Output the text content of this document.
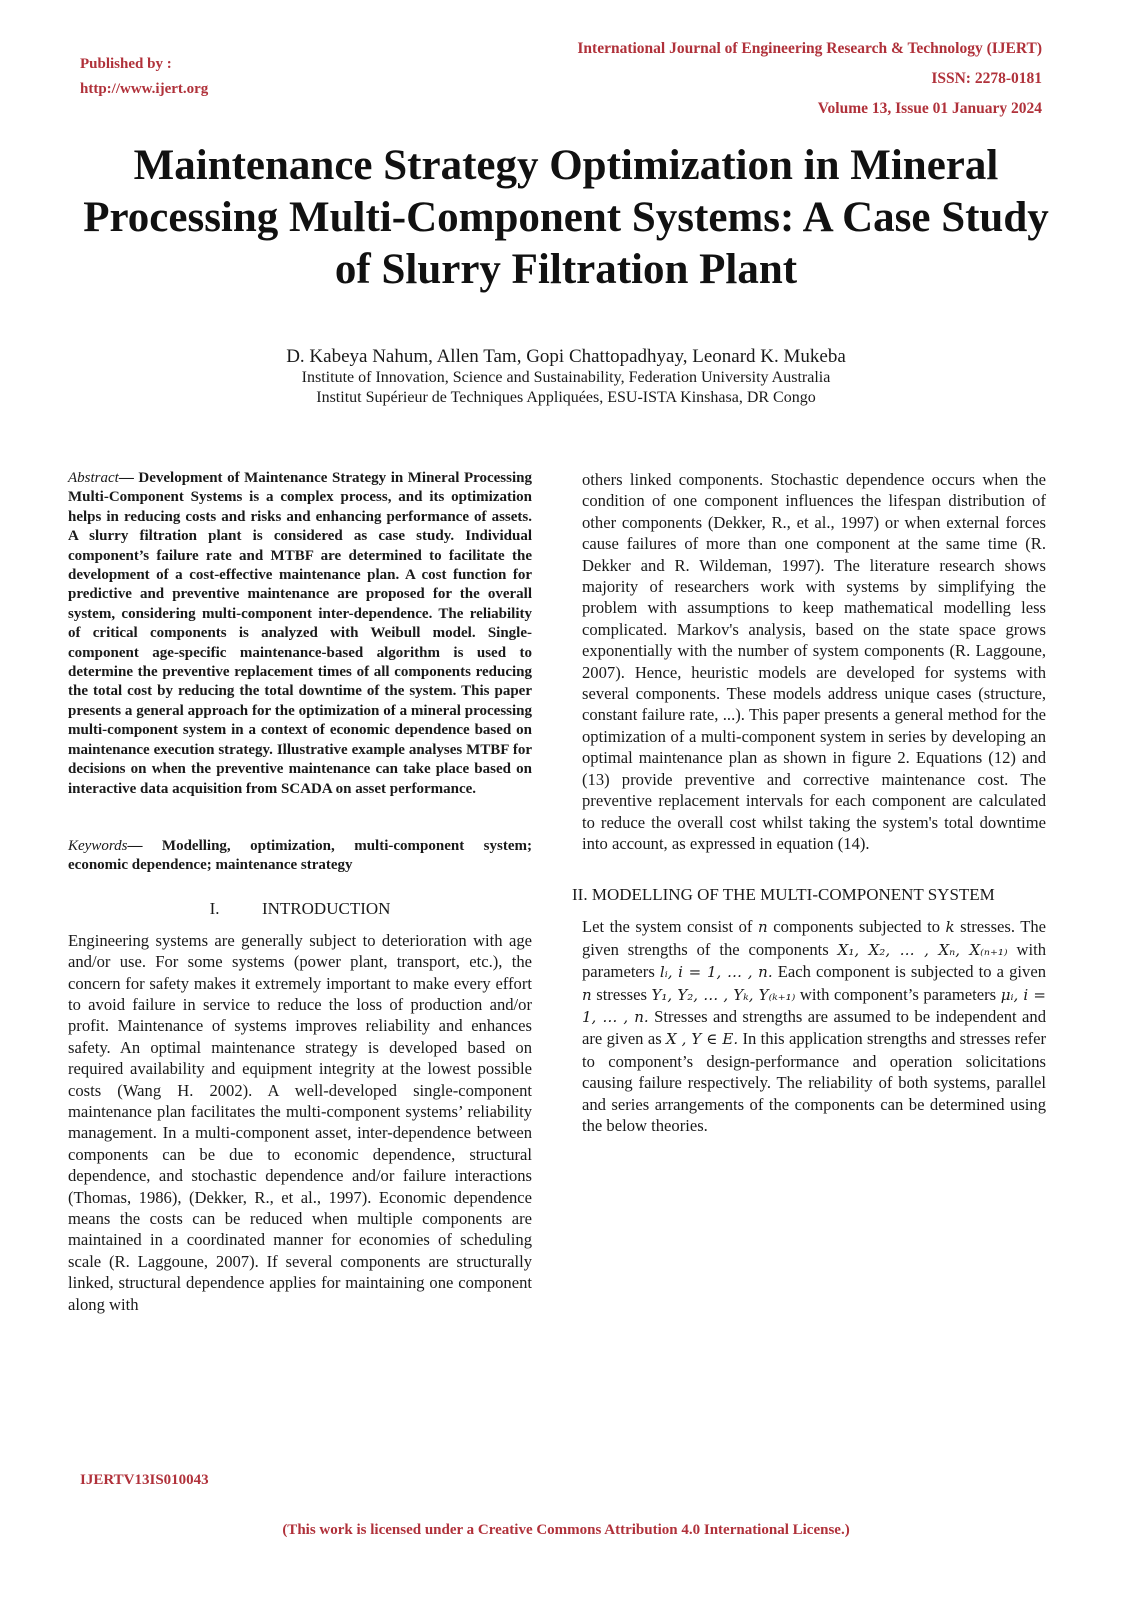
Published by :
http://www.ijert.org
International Journal of Engineering Research & Technology (IJERT)
ISSN: 2278-0181
Volume 13, Issue 01 January 2024
Maintenance Strategy Optimization in Mineral Processing Multi-Component Systems: A Case Study of Slurry Filtration Plant
D. Kabeya Nahum, Allen Tam, Gopi Chattopadhyay, Leonard K. Mukeba
Institute of Innovation, Science and Sustainability, Federation University Australia
Institut Supérieur de Techniques Appliquées, ESU-ISTA Kinshasa, DR Congo

Abstract— Development of Maintenance Strategy in Mineral Processing Multi-Component Systems is a complex process, and its optimization helps in reducing costs and risks and enhancing performance of assets. A slurry filtration plant is considered as case study. Individual component’s failure rate and MTBF are determined to facilitate the development of a cost-effective maintenance plan. A cost function for predictive and preventive maintenance are proposed for the overall system, considering multi-component inter-dependence. The reliability of critical components is analyzed with Weibull model. Single-component age-specific maintenance-based algorithm is used to determine the preventive replacement times of all components reducing the total cost by reducing the total downtime of the system. This paper presents a general approach for the optimization of a mineral processing multi-component system in a context of economic dependence based on maintenance execution strategy. Illustrative example analyses MTBF for decisions on when the preventive maintenance can take place based on interactive data acquisition from SCADA on asset performance.

Keywords— Modelling, optimization, multi-component system; economic dependence; maintenance strategy

I.	INTRODUCTION

Engineering systems are generally subject to deterioration with age and/or use. For some systems (power plant, transport, etc.), the concern for safety makes it extremely important to make every effort to avoid failure in service to reduce the loss of production and/or profit. Maintenance of systems improves reliability and enhances safety. An optimal maintenance strategy is developed based on required availability and equipment integrity at the lowest possible costs (Wang H. 2002). A well-developed single-component maintenance plan facilitates the multi-component systems’ reliability management. In a multi-component asset, inter-dependence between components can be due to economic dependence, structural dependence, and stochastic dependence and/or failure interactions (Thomas, 1986), (Dekker, R., et al., 1997). Economic dependence means the costs can be reduced when multiple components are maintained in a coordinated manner for economies of scheduling scale (R. Laggoune, 2007). If several components are structurally linked, structural dependence applies for maintaining one component along with

others linked components. Stochastic dependence occurs when the condition of one component influences the lifespan distribution of other components (Dekker, R., et al., 1997) or when external forces cause failures of more than one component at the same time (R. Dekker and R. Wildeman, 1997). The literature research shows majority of researchers work with systems by simplifying the problem with assumptions to keep mathematical modelling less complicated. Markov's analysis, based on the state space grows exponentially with the number of system components (R. Laggoune, 2007). Hence, heuristic models are developed for systems with several components. These models address unique cases (structure, constant failure rate, ...). This paper presents a general method for the optimization of a multi-component system in series by developing an optimal maintenance plan as shown in figure 2. Equations (12) and (13) provide preventive and corrective maintenance cost. The preventive replacement intervals for each component are calculated to reduce the overall cost whilst taking the system's total downtime into account, as expressed in equation (14).

II. MODELLING OF THE MULTI-COMPONENT SYSTEM

Let the system consist of n components subjected to k stresses. The given strengths of the components X₁, X₂, … , Xₙ, X₍ₙ₊₁₎ with parameters lᵢ, i = 1, … , n. Each component is subjected to a given n stresses Y₁, Y₂, … , Yₖ, Y₍ₖ₊₁₎ with component’s parameters μᵢ, i = 1, … , n. Stresses and strengths are assumed to be independent and are given as X , Y ∈ E. In this application strengths and stresses refer to component’s design-performance and operation solicitations causing failure respectively. The reliability of both systems, parallel and series arrangements of the components can be determined using the below theories.

IJERTV13IS010043
(This work is licensed under a Creative Commons Attribution 4.0 International License.)
